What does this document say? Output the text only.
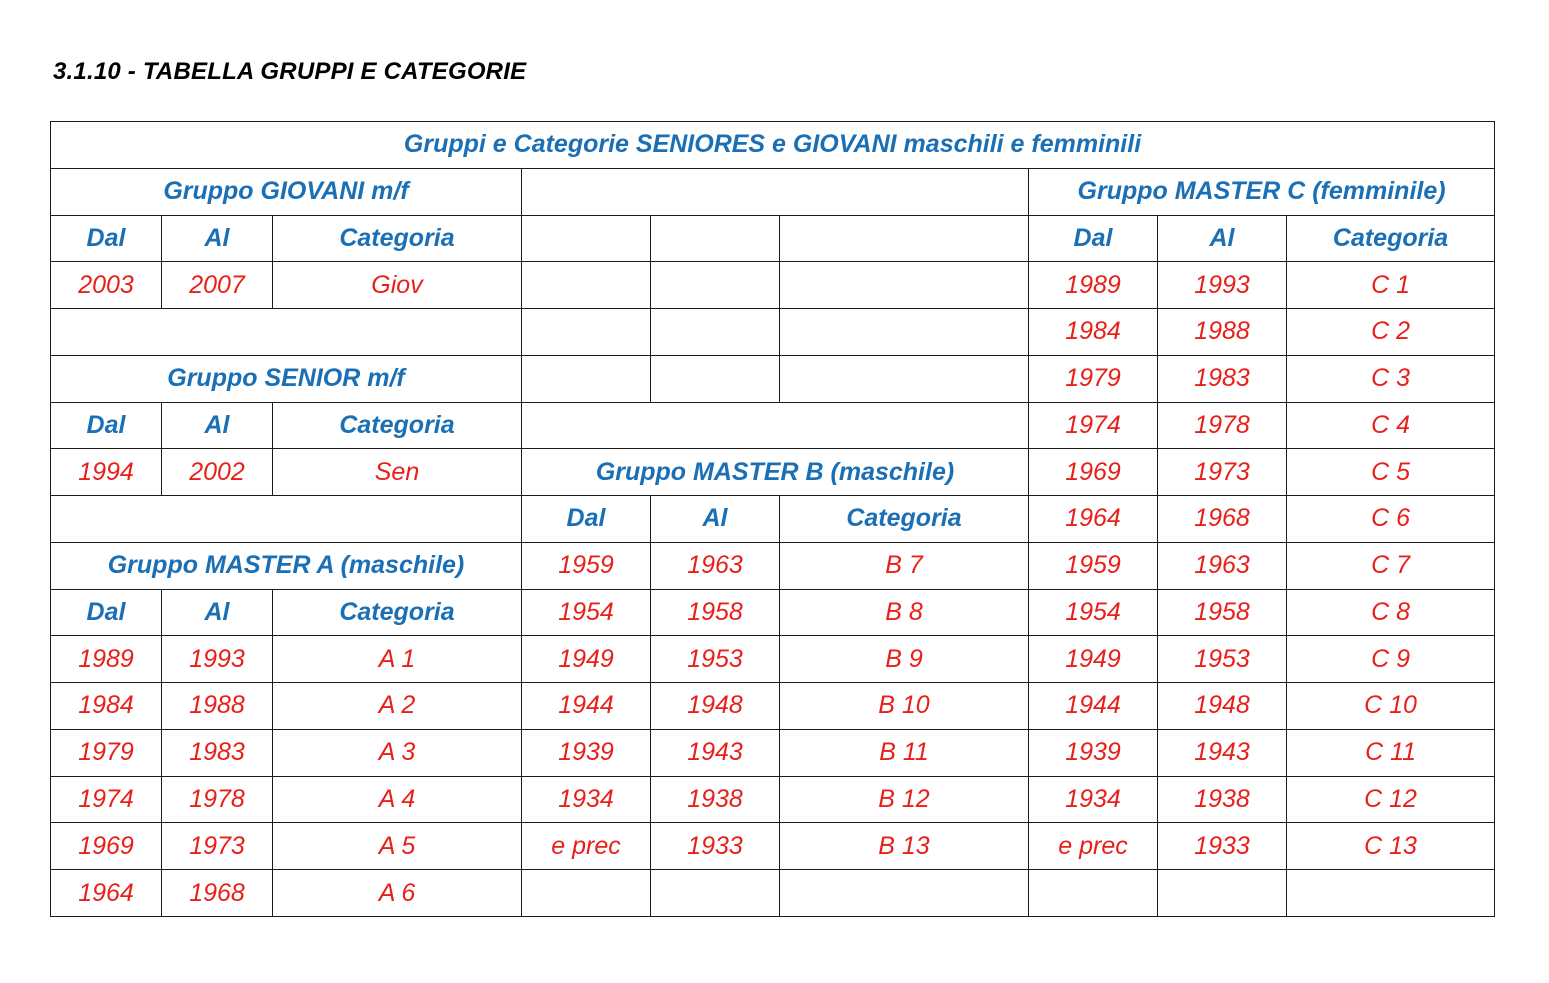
3.1.10 - TABELLA GRUPPI E CATEGORIE
Gruppi e Categorie SENIORES e GIOVANI maschili e femminili								
Gruppo GIOVANI m/f						Gruppo MASTER C (femminile)		
Dal	Al	Categoria				Dal	Al	Categoria
2003	2007	Giov				1989	1993	C 1
						1984	1988	C 2
Gruppo SENIOR m/f						1979	1983	C 3
Dal	Al	Categoria				1974	1978	C 4
1994	2002	Sen	Gruppo MASTER B (maschile)			1969	1973	C 5
			Dal	Al	Categoria	1964	1968	C 6
Gruppo MASTER A (maschile)			1959	1963	B 7	1959	1963	C 7
Dal	Al	Categoria	1954	1958	B 8	1954	1958	C 8
1989	1993	A 1	1949	1953	B 9	1949	1953	C 9
1984	1988	A 2	1944	1948	B 10	1944	1948	C 10
1979	1983	A 3	1939	1943	B 11	1939	1943	C 11
1974	1978	A 4	1934	1938	B 12	1934	1938	C 12
1969	1973	A 5	e prec	1933	B 13	e prec	1933	C 13
1964	1968	A 6						
